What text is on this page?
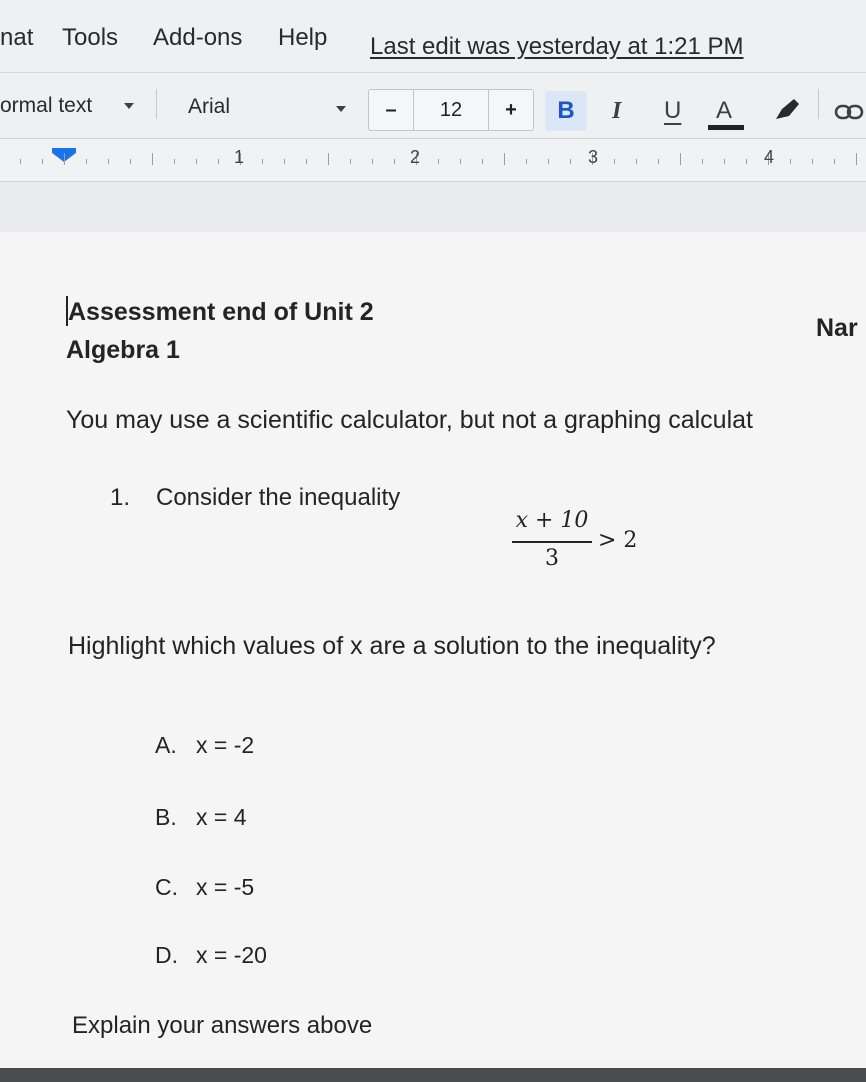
nat Tools Add-ons Help Last edit was yesterday at 1:21 PM
ormal text	Arial	–	12	+	B	I U A
1	2	3	4
Assessment end of Unit 2
Algebra 1
Nar
You may use a scientific calculator, but not a graphing calculat
1. Consider the inequality
x + 10
3
> 2
Highlight which values of x are a solution to the inequality?
A. x = -2
B. x = 4
C. x = -5
D. x = -20
Explain your answers above
